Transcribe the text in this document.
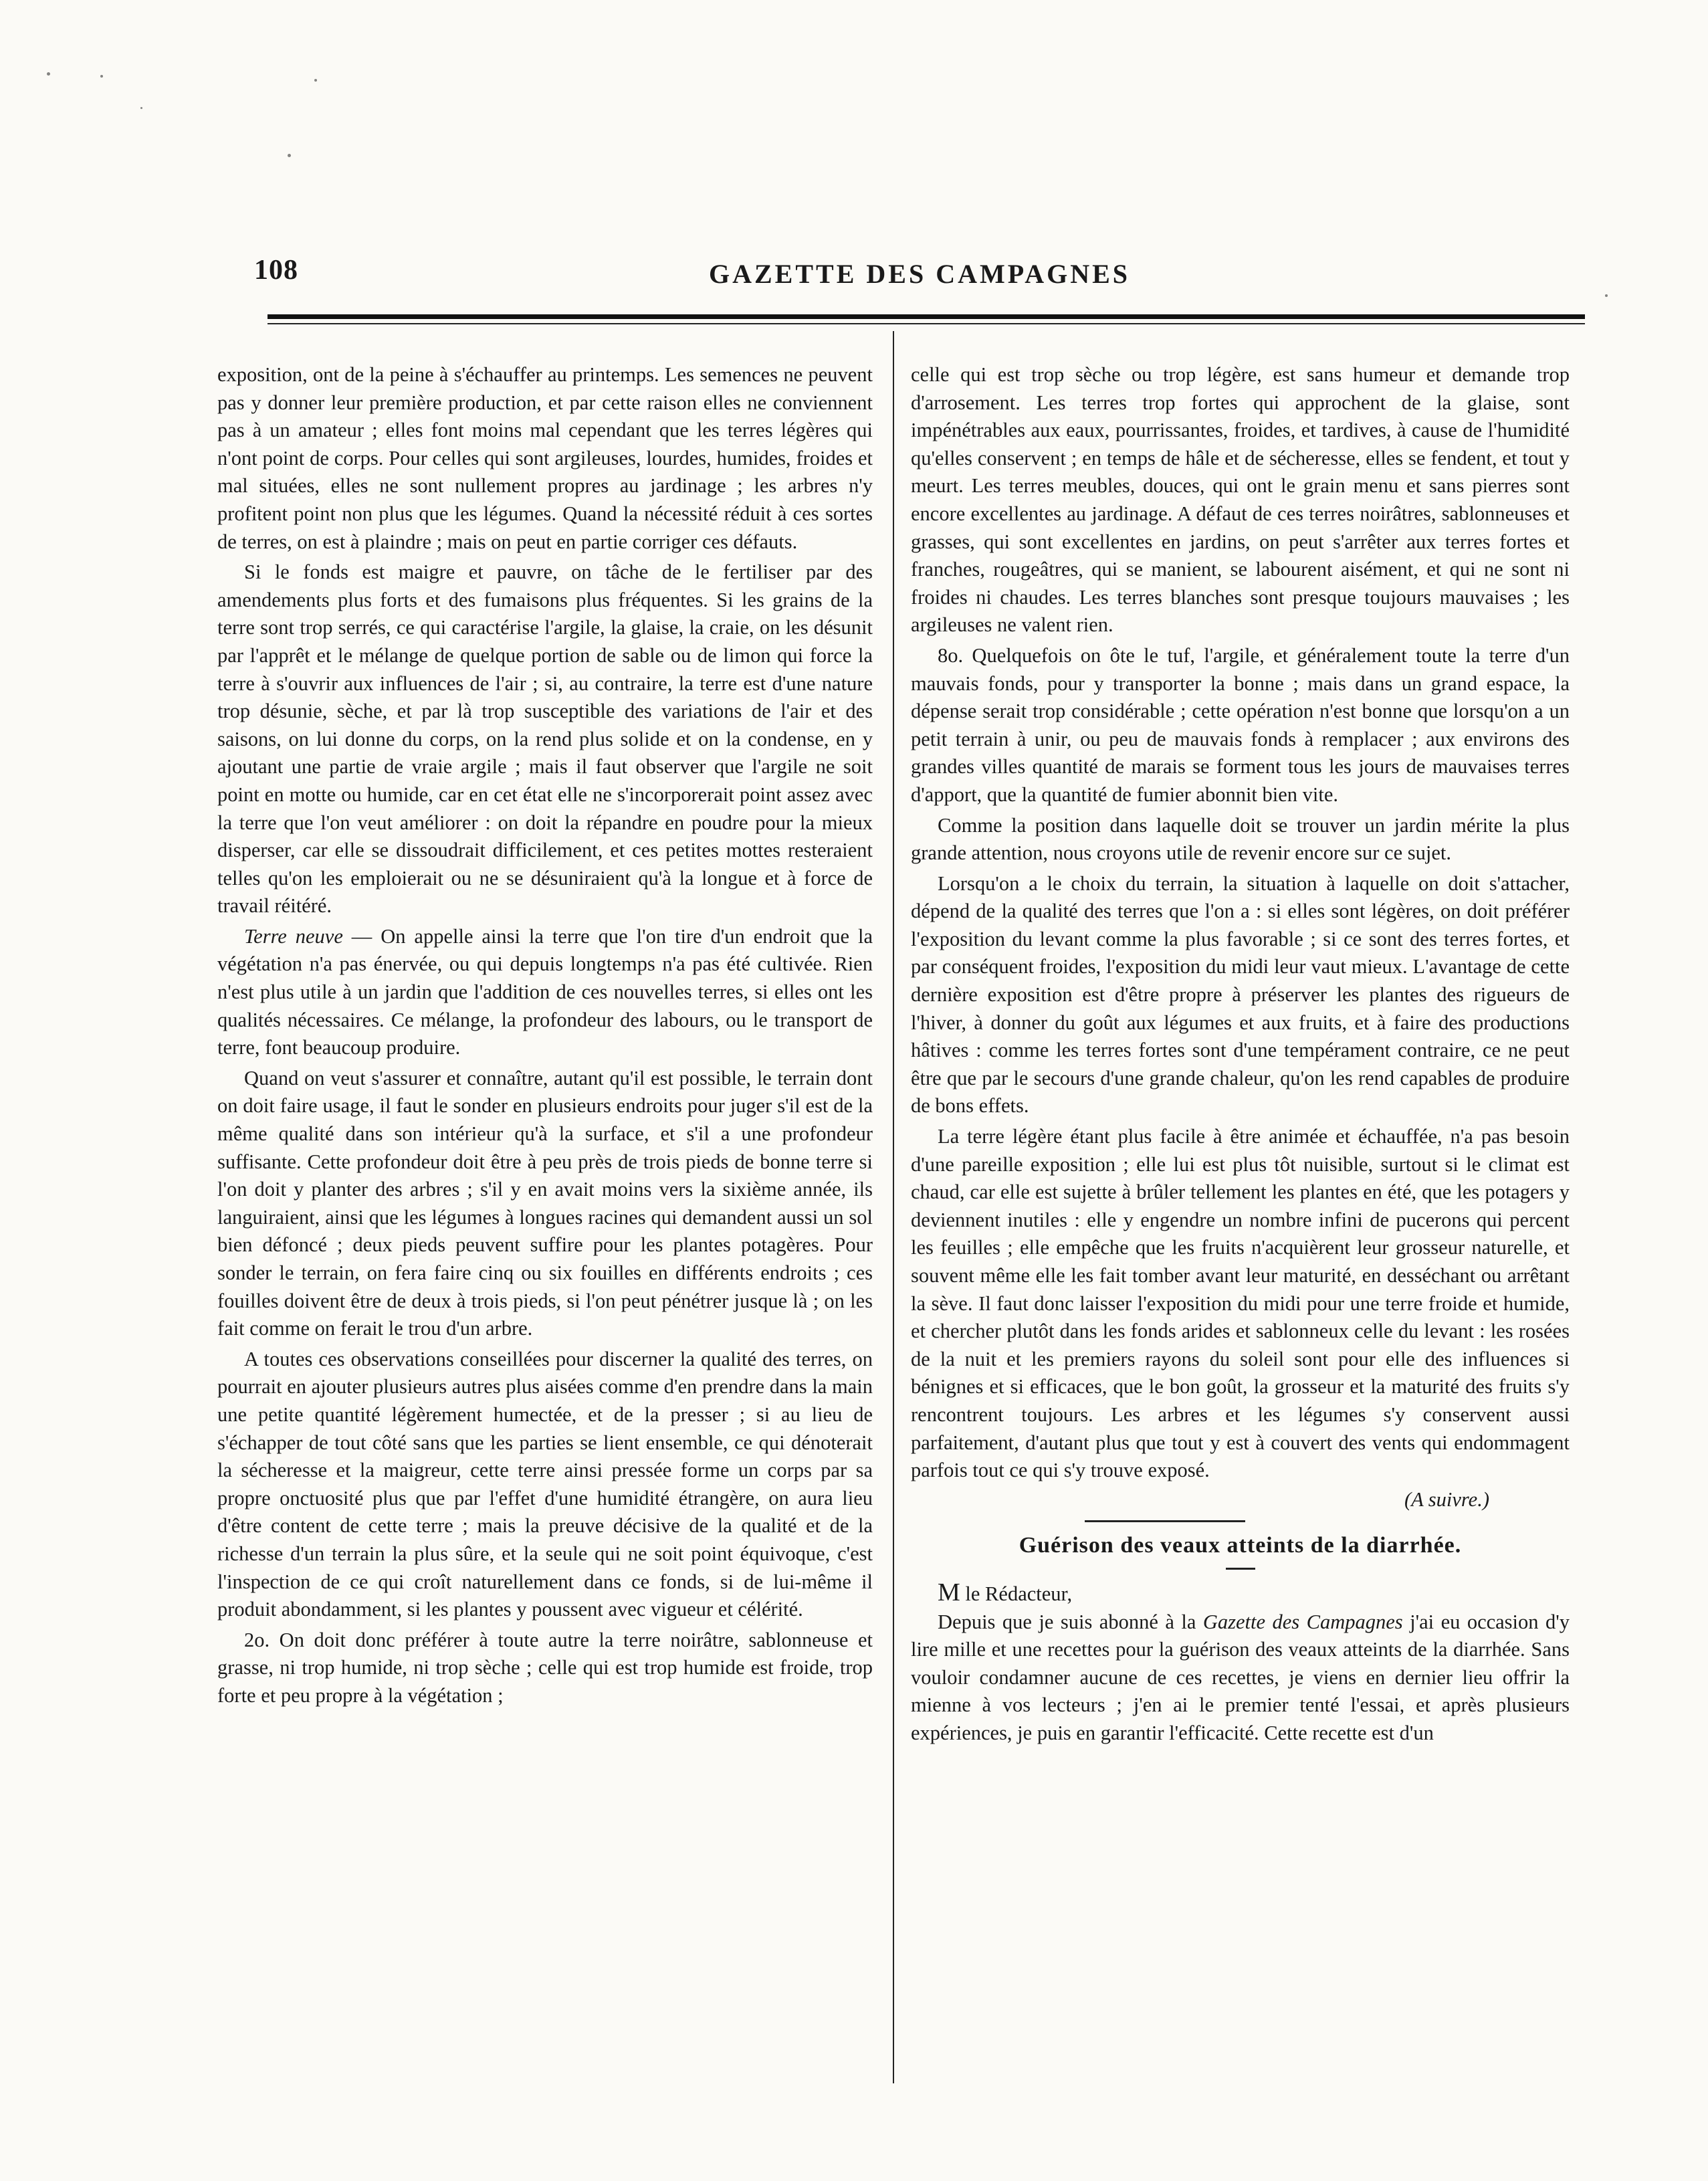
108	GAZETTE DES CAMPAGNES

exposition, ont de la peine à s'échauffer au printemps. Les semences ne peuvent pas y donner leur première production, et par cette raison elles ne conviennent pas à un amateur ; elles font moins mal cependant que les terres légères qui n'ont point de corps. Pour celles qui sont argileuses, lourdes, humides, froides et mal situées, elles ne sont nullement propres au jardinage ; les arbres n'y profitent point non plus que les légumes. Quand la nécessité réduit à ces sortes de terres, on est à plaindre ; mais on peut en partie corriger ces défauts.

Si le fonds est maigre et pauvre, on tâche de le fertiliser par des amendements plus forts et des fumaisons plus fréquentes. Si les grains de la terre sont trop serrés, ce qui caractérise l'argile, la glaise, la craie, on les désunit par l'apprêt et le mélange de quelque portion de sable ou de limon qui force la terre à s'ouvrir aux influences de l'air ; si, au contraire, la terre est d'une nature trop désunie, sèche, et par là trop susceptible des variations de l'air et des saisons, on lui donne du corps, on la rend plus solide et on la condense, en y ajoutant une partie de vraie argile ; mais il faut observer que l'argile ne soit point en motte ou humide, car en cet état elle ne s'incorporerait point assez avec la terre que l'on veut améliorer : on doit la répandre en poudre pour la mieux disperser, car elle se dissoudrait difficilement, et ces petites mottes resteraient telles qu'on les emploierait ou ne se désuniraient qu'à la longue et à force de travail réitéré.

Terre neuve — On appelle ainsi la terre que l'on tire d'un endroit que la végétation n'a pas énervée, ou qui depuis longtemps n'a pas été cultivée. Rien n'est plus utile à un jardin que l'addition de ces nouvelles terres, si elles ont les qualités nécessaires. Ce mélange, la profondeur des labours, ou le transport de terre, font beaucoup produire.

Quand on veut s'assurer et connaître, autant qu'il est possible, le terrain dont on doit faire usage, il faut le sonder en plusieurs endroits pour juger s'il est de la même qualité dans son intérieur qu'à la surface, et s'il a une profondeur suffisante. Cette profondeur doit être à peu près de trois pieds de bonne terre si l'on doit y planter des arbres ; s'il y en avait moins vers la sixième année, ils languiraient, ainsi que les légumes à longues racines qui demandent aussi un sol bien défoncé ; deux pieds peuvent suffire pour les plantes potagères. Pour sonder le terrain, on fera faire cinq ou six fouilles en différents endroits ; ces fouilles doivent être de deux à trois pieds, si l'on peut pénétrer jusque là ; on les fait comme on ferait le trou d'un arbre.

A toutes ces observations conseillées pour discerner la qualité des terres, on pourrait en ajouter plusieurs autres plus aisées comme d'en prendre dans la main une petite quantité légèrement humectée, et de la presser ; si au lieu de s'échapper de tout côté sans que les parties se lient ensemble, ce qui dénoterait la sécheresse et la maigreur, cette terre ainsi pressée forme un corps par sa propre onctuosité plus que par l'effet d'une humidité étrangère, on aura lieu d'être content de cette terre ; mais la preuve décisive de la qualité et de la richesse d'un terrain la plus sûre, et la seule qui ne soit point équivoque, c'est l'inspection de ce qui croît naturellement dans ce fonds, si de lui-même il produit abondamment, si les plantes y poussent avec vigueur et célérité.

2o. On doit donc préférer à toute autre la terre noirâtre, sablonneuse et grasse, ni trop humide, ni trop sèche ; celle qui est trop humide est froide, trop forte et peu propre à la végétation ;

celle qui est trop sèche ou trop légère, est sans humeur et demande trop d'arrosement. Les terres trop fortes qui approchent de la glaise, sont impénétrables aux eaux, pourrissantes, froides, et tardives, à cause de l'humidité qu'elles conservent ; en temps de hâle et de sécheresse, elles se fendent, et tout y meurt. Les terres meubles, douces, qui ont le grain menu et sans pierres sont encore excellentes au jardinage. A défaut de ces terres noirâtres, sablonneuses et grasses, qui sont excellentes en jardins, on peut s'arrêter aux terres fortes et franches, rougeâtres, qui se manient, se labourent aisément, et qui ne sont ni froides ni chaudes. Les terres blanches sont presque toujours mauvaises ; les argileuses ne valent rien.

8o. Quelquefois on ôte le tuf, l'argile, et généralement toute la terre d'un mauvais fonds, pour y transporter la bonne ; mais dans un grand espace, la dépense serait trop considérable ; cette opération n'est bonne que lorsqu'on a un petit terrain à unir, ou peu de mauvais fonds à remplacer ; aux environs des grandes villes quantité de marais se forment tous les jours de mauvaises terres d'apport, que la quantité de fumier abonnit bien vite.

Comme la position dans laquelle doit se trouver un jardin mérite la plus grande attention, nous croyons utile de revenir encore sur ce sujet.

Lorsqu'on a le choix du terrain, la situation à laquelle on doit s'attacher, dépend de la qualité des terres que l'on a : si elles sont légères, on doit préférer l'exposition du levant comme la plus favorable ; si ce sont des terres fortes, et par conséquent froides, l'exposition du midi leur vaut mieux. L'avantage de cette dernière exposition est d'être propre à préserver les plantes des rigueurs de l'hiver, à donner du goût aux légumes et aux fruits, et à faire des productions hâtives : comme les terres fortes sont d'une tempérament contraire, ce ne peut être que par le secours d'une grande chaleur, qu'on les rend capables de produire de bons effets.

La terre légère étant plus facile à être animée et échauffée, n'a pas besoin d'une pareille exposition ; elle lui est plus tôt nuisible, surtout si le climat est chaud, car elle est sujette à brûler tellement les plantes en été, que les potagers y deviennent inutiles : elle y engendre un nombre infini de pucerons qui percent les feuilles ; elle empêche que les fruits n'acquièrent leur grosseur naturelle, et souvent même elle les fait tomber avant leur maturité, en desséchant ou arrêtant la sève. Il faut donc laisser l'exposition du midi pour une terre froide et humide, et chercher plutôt dans les fonds arides et sablonneux celle du levant : les rosées de la nuit et les premiers rayons du soleil sont pour elle des influences si bénignes et si efficaces, que le bon goût, la grosseur et la maturité des fruits s'y rencontrent toujours. Les arbres et les légumes s'y conservent aussi parfaitement, d'autant plus que tout y est à couvert des vents qui endommagent parfois tout ce qui s'y trouve exposé.

(A suivre.)
Guérison des veaux atteints de la diarrhée.

M le Rédacteur,

Depuis que je suis abonné à la Gazette des Campagnes j'ai eu occasion d'y lire mille et une recettes pour la guérison des veaux atteints de la diarrhée. Sans vouloir condamner aucune de ces recettes, je viens en dernier lieu offrir la mienne à vos lecteurs ; j'en ai le premier tenté l'essai, et après plusieurs expériences, je puis en garantir l'efficacité. Cette recette est d'un
